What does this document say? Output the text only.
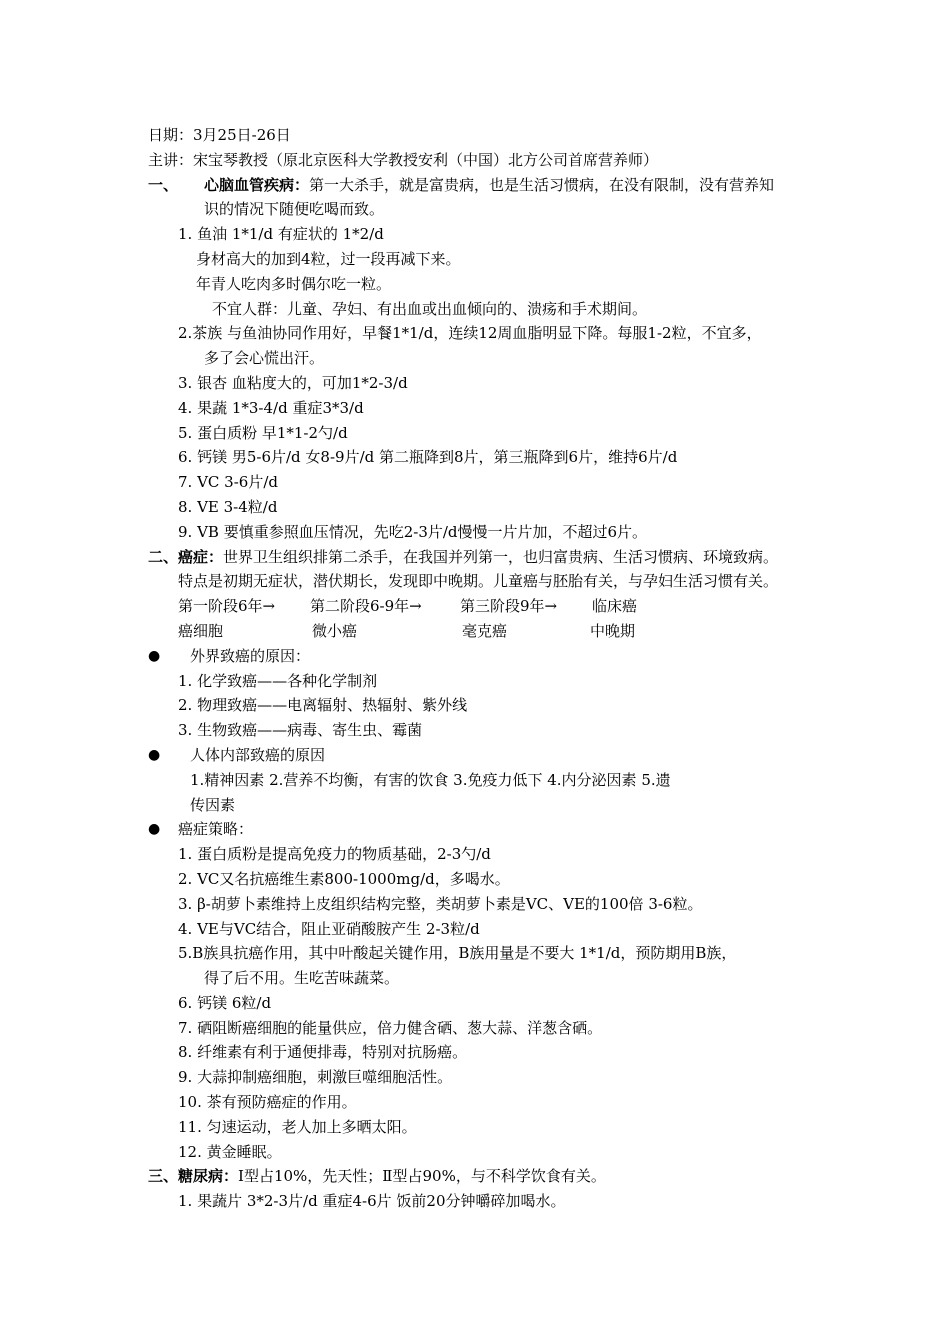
日期：3月25日-26日
主讲：宋宝琴教授（原北京医科大学教授安利（中国）北方公司首席营养师）
一、 心脑血管疾病：第一大杀手，就是富贵病，也是生活习惯病，在没有限制，没有营养知
识的情况下随便吃喝而致。
1. 鱼油 1*1/d 有症状的 1*2/d
身材高大的加到4粒，过一段再减下来。
年青人吃肉多时偶尔吃一粒。
不宜人群：儿童、孕妇、有出血或出血倾向的、溃疡和手术期间。
2.茶族 与鱼油协同作用好，早餐1*1/d，连续12周血脂明显下降。每服1-2粒，不宜多，
多了会心慌出汗。
3. 银杏 血粘度大的，可加1*2-3/d
4. 果蔬 1*3-4/d 重症3*3/d
5. 蛋白质粉 早1*1-2勺/d
6. 钙镁 男5-6片/d 女8-9片/d 第二瓶降到8片，第三瓶降到6片，维持6片/d
7. VC 3-6片/d
8. VE 3-4粒/d
9. VB 要慎重参照血压情况，先吃2-3片/d慢慢一片片加，不超过6片。
二、癌症：世界卫生组织排第二杀手，在我国并列第一，也归富贵病、生活习惯病、环境致病。
特点是初期无症状，潜伏期长，发现即中晚期。儿童癌与胚胎有关，与孕妇生活习惯有关。
第一阶段6年→ 第二阶段6-9年→	第三阶段9年→ 临床癌
癌细胞	微小癌	毫克癌	中晚期
● 外界致癌的原因：
1. 化学致癌——各种化学制剂
2. 物理致癌——电离辐射、热辐射、紫外线
3. 生物致癌——病毒、寄生虫、霉菌
● 人体内部致癌的原因
1.精神因素 2.营养不均衡，有害的饮食 3.免疫力低下 4.内分泌因素 5.遗
传因素
● 癌症策略：
1. 蛋白质粉是提高免疫力的物质基础，2-3勺/d
2. VC又名抗癌维生素800-1000mg/d，多喝水。
3. β-胡萝卜素维持上皮组织结构完整，类胡萝卜素是VC、VE的100倍 3-6粒。
4. VE与VC结合，阻止亚硝酸胺产生 2-3粒/d
5.B族具抗癌作用，其中叶酸起关键作用，B族用量是不要大 1*1/d，预防期用B族，
得了后不用。生吃苦味蔬菜。
6. 钙镁 6粒/d
7. 硒阻断癌细胞的能量供应，倍力健含硒、葱大蒜、洋葱含硒。
8. 纤维素有利于通便排毒，特别对抗肠癌。
9. 大蒜抑制癌细胞，刺激巨噬细胞活性。
10. 茶有预防癌症的作用。
11. 匀速运动，老人加上多晒太阳。
12. 黄金睡眠。
三、糖尿病：Ⅰ型占10%，先天性；Ⅱ型占90%，与不科学饮食有关。
1. 果蔬片 3*2-3片/d 重症4-6片 饭前20分钟嚼碎加喝水。
